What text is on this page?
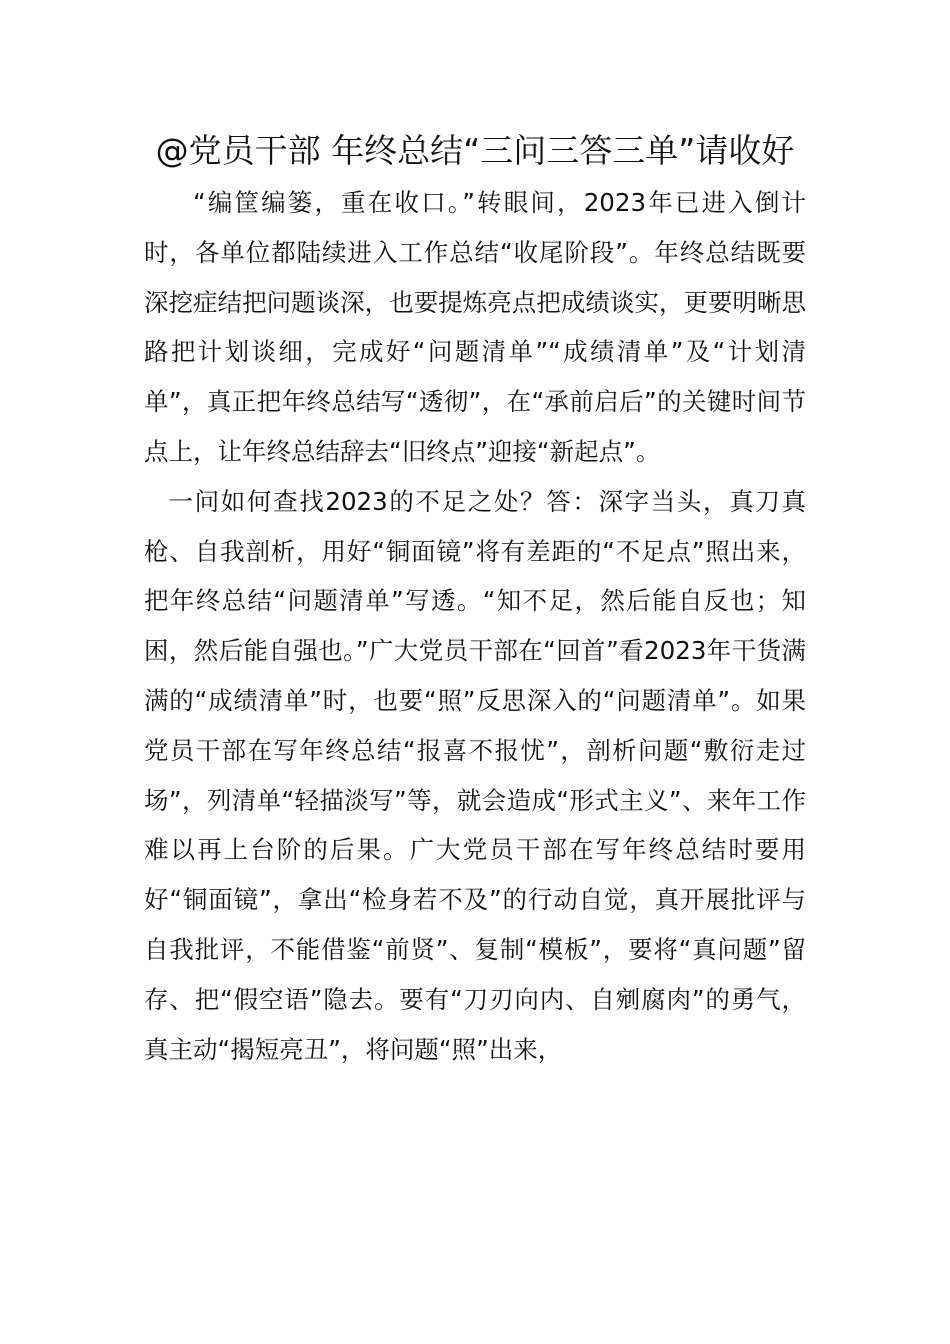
@党员干部 年终总结“三问三答三单”请收好

“编筐编篓，重在收口。”转眼间，2023年已进入倒计时，各单位都陆续进入工作总结“收尾阶段”。年终总结既要深挖症结把问题谈深，也要提炼亮点把成绩谈实，更要明晰思路把计划谈细，完成好“问题清单”“成绩清单”及“计划清单”，真正把年终总结写“透彻”，在“承前启后”的关键时间节点上，让年终总结辞去“旧终点”迎接“新起点”。

一问如何查找2023的不足之处？答：深字当头，真刀真枪、自我剖析，用好“铜面镜”将有差距的“不足点”照出来，把年终总结“问题清单”写透。“知不足，然后能自反也；知困，然后能自强也。”广大党员干部在“回首”看2023年干货满满的“成绩清单”时，也要“照”反思深入的“问题清单”。如果党员干部在写年终总结“报喜不报忧”，剖析问题“敷衍走过场”，列清单“轻描淡写”等，就会造成“形式主义”、来年工作难以再上台阶的后果。广大党员干部在写年终总结时要用好“铜面镜”，拿出“检身若不及”的行动自觉，真开展批评与自我批评，不能借鉴“前贤”、复制“模板”，要将“真问题”留存、把“假空语”隐去。要有“刀刃向内、自剜腐肉”的勇气，真主动“揭短亮丑”，将问题“照”出来，
